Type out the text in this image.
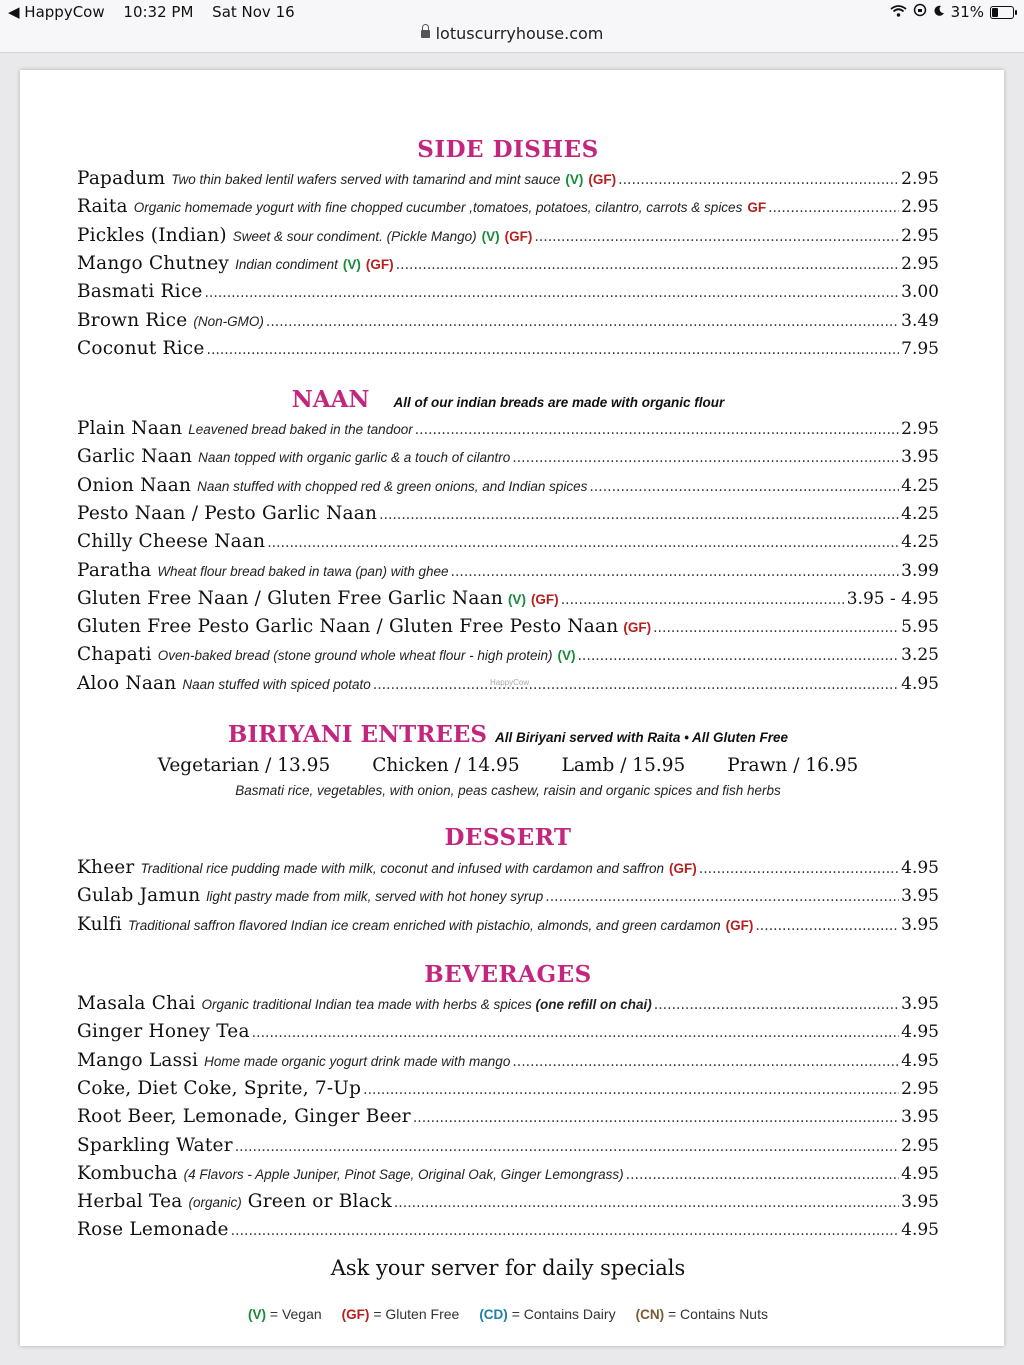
◀ HappyCow 10:32 PM Sat Nov 16	31%
lotuscurryhouse.com
SIDE DISHES
Papadum Two thin baked lentil wafers served with tamarind and mint sauce (V) (GF) .....	2.95
Raita Organic homemade yogurt with fine chopped cucumber ,tomatoes, potatoes, cilantro, carrots & spices GF .....	2.95
Pickles (Indian) Sweet & sour condiment. (Pickle Mango) (V) (GF) .....	2.95
Mango Chutney Indian condiment (V) (GF) .....	2.95
Basmati Rice .....	3.00
Brown Rice (Non-GMO) .....	3.49
Coconut Rice .....	7.95
NAAN All of our indian breads are made with organic flour
Plain Naan Leavened bread baked in the tandoor .....	2.95
Garlic Naan Naan topped with organic garlic & a touch of cilantro .....	3.95
Onion Naan Naan stuffed with chopped red & green onions, and Indian spices .....	4.25
Pesto Naan / Pesto Garlic Naan .....	4.25
Chilly Cheese Naan .....	4.25
Paratha Wheat flour bread baked in tawa (pan) with ghee .....	3.99
Gluten Free Naan / Gluten Free Garlic Naan (V) (GF) .....	3.95 - 4.95
Gluten Free Pesto Garlic Naan / Gluten Free Pesto Naan (GF) .....	5.95
Chapati Oven-baked bread (stone ground whole wheat flour - high protein) (V) .....	3.25
Aloo Naan Naan stuffed with spiced potato .....	4.95
BIRIYANI ENTREES All Biriyani served with Raita • All Gluten Free
Vegetarian / 13.95 Chicken / 14.95 Lamb / 15.95 Prawn / 16.95
Basmati rice, vegetables, with onion, peas cashew, raisin and organic spices and fish herbs
DESSERT
Kheer Traditional rice pudding made with milk, coconut and infused with cardamon and saffron (GF) .....	4.95
Gulab Jamun light pastry made from milk, served with hot honey syrup .....	3.95
Kulfi Traditional saffron flavored Indian ice cream enriched with pistachio, almonds, and green cardamon (GF) .....	3.95
BEVERAGES
Masala Chai Organic traditional Indian tea made with herbs & spices (one refill on chai) .....	3.95
Ginger Honey Tea .....	4.95
Mango Lassi Home made organic yogurt drink made with mango .....	4.95
Coke, Diet Coke, Sprite, 7-Up .....	2.95
Root Beer, Lemonade, Ginger Beer .....	3.95
Sparkling Water .....	2.95
Kombucha (4 Flavors - Apple Juniper, Pinot Sage, Original Oak, Ginger Lemongrass) .....	4.95
Herbal Tea (organic) Green or Black .....	3.95
Rose Lemonade .....	4.95
Ask your server for daily specials
(V) = Vegan (GF) = Gluten Free (CD) = Contains Dairy (CN) = Contains Nuts
HappyCow
